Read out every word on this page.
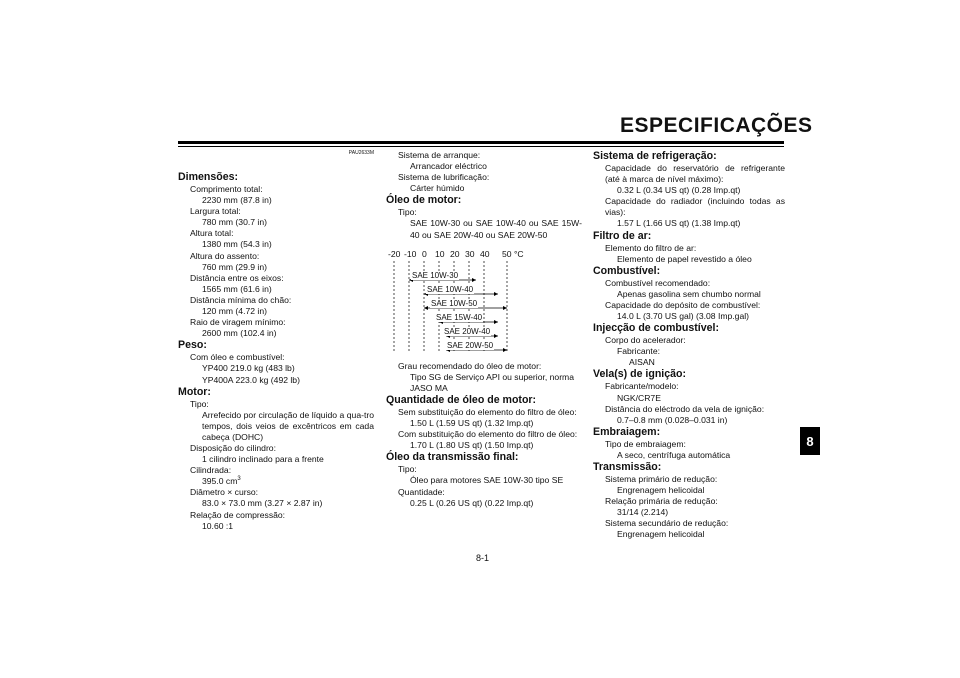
ESPECIFICAÇÕES
PAU2633M
Dimensões:
Comprimento total:
2230 mm (87.8 in)
Largura total:
780 mm (30.7 in)
Altura total:
1380 mm (54.3 in)
Altura do assento:
760 mm (29.9 in)
Distância entre os eixos:
1565 mm (61.6 in)
Distância mínima do chão:
120 mm (4.72 in)
Raio de viragem mínimo:
2600 mm (102.4 in)
Peso:
Com óleo e combustível:
YP400 219.0 kg (483 lb)
YP400A 223.0 kg (492 lb)
Motor:
Tipo:
Arrefecido por circulação de líquido a qua-tro tempos, dois veios de excêntricos em cada cabeça (DOHC)
Disposição do cilindro:
1 cilindro inclinado para a frente
Cilindrada:
395.0 $cm^3$
Diâmetro × curso:
83.0 × 73.0 mm (3.27 × 2.87 in)
Relação de compressão:
10.60 :1
Sistema de arranque:
Arrancador eléctrico
Sistema de lubrificação:
Cárter húmido
Óleo de motor:
Tipo:
SAE 10W-30 ou SAE 10W-40 ou SAE 15W-40 ou SAE 20W-40 ou SAE 20W-50
-20 -10 0 10 20 30 40 50 °C
SAE 10W-30
SAE 10W-40
SAE 10W-50
SAE 15W-40
SAE 20W-40
SAE 20W-50
Grau recomendado do óleo de motor:
Tipo SG de Serviço API ou superior, norma JASO MA
Quantidade de óleo de motor:
Sem substituição do elemento do filtro de óleo:
1.50 L (1.59 US qt) (1.32 Imp.qt)
Com substituição do elemento do filtro de óleo:
1.70 L (1.80 US qt) (1.50 Imp.qt)
Óleo da transmissão final:
Tipo:
Óleo para motores SAE 10W-30 tipo SE
Quantidade:
0.25 L (0.26 US qt) (0.22 Imp.qt)
Sistema de refrigeração:
Capacidade do reservatório de refrigerante (até à marca de nível máximo):
0.32 L (0.34 US qt) (0.28 Imp.qt)
Capacidade do radiador (incluindo todas as vias):
1.57 L (1.66 US qt) (1.38 Imp.qt)
Filtro de ar:
Elemento do filtro de ar:
Elemento de papel revestido a óleo
Combustível:
Combustível recomendado:
Apenas gasolina sem chumbo normal
Capacidade do depósito de combustível:
14.0 L (3.70 US gal) (3.08 Imp.gal)
Injecção de combustível:
Corpo do acelerador:
Fabricante:
AISAN
Vela(s) de ignição:
Fabricante/modelo:
NGK/CR7E
Distância do eléctrodo da vela de ignição:
0.7–0.8 mm (0.028–0.031 in)
Embraiagem:
Tipo de embraiagem:
A seco, centrífuga automática
Transmissão:
Sistema primário de redução:
Engrenagem helicoidal
Relação primária de redução:
31/14 (2.214)
Sistema secundário de redução:
Engrenagem helicoidal
8
8-1
